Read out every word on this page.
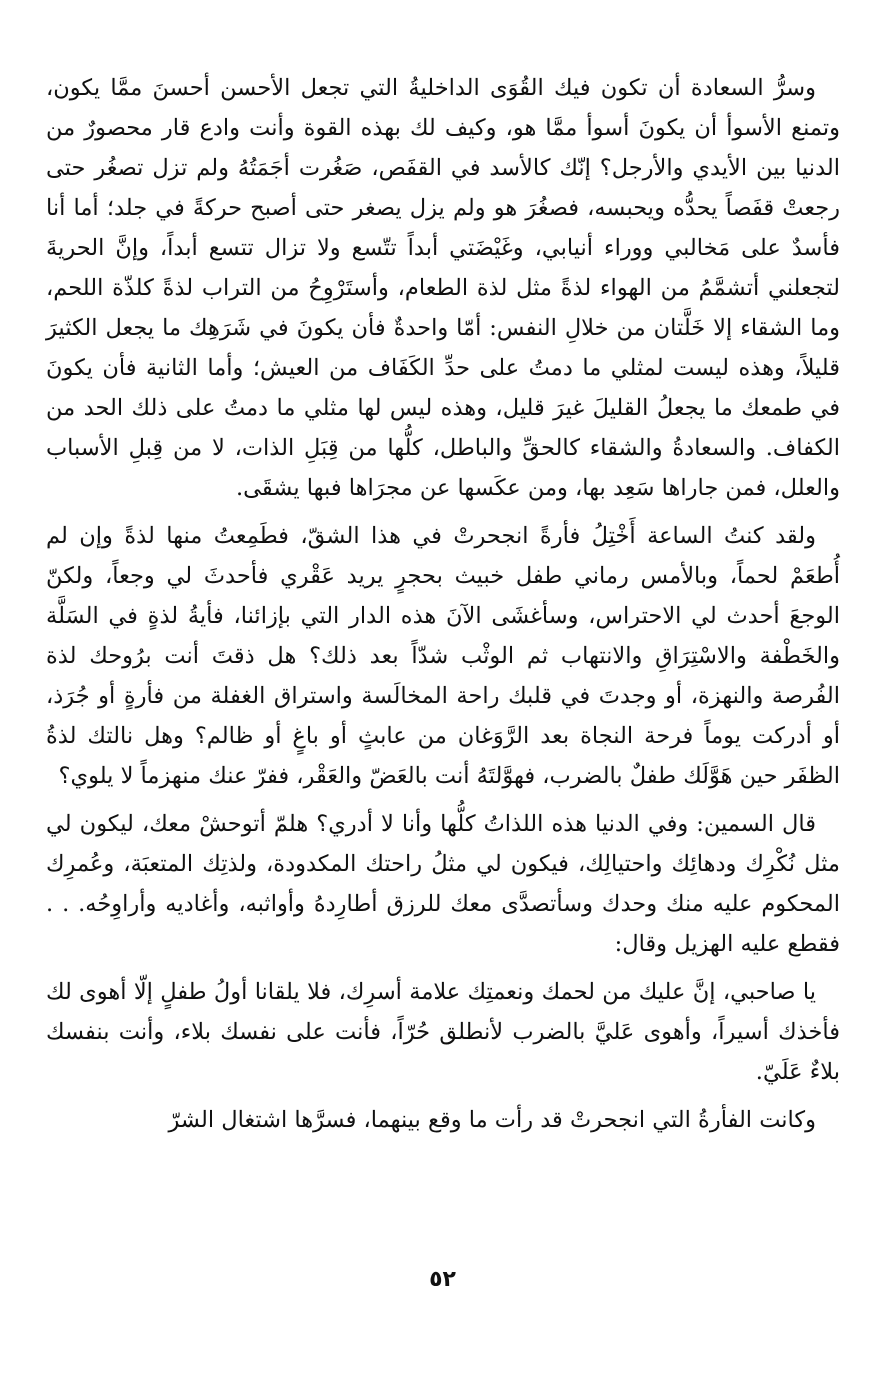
وسرُّ السعادة أن تكون فيك القُوَى الداخليةُ التي تجعل الأحسن أحسنَ ممَّا يكون، وتمنع الأسوأ أن يكونَ أسوأ ممَّا هو، وكيف لك بهذه القوة وأنت وادع قار محصورٌ من الدنيا بين الأيدي والأرجل؟ إنّك كالأسد في القفَص، صَغُرت أجَمَتُهُ ولم تزل تصغُر حتى رجعتْ قفَصاً يحدُّه ويحبسه، فصغُرَ هو ولم يزل يصغر حتى أصبح حركةً في جلد؛ أما أنا فأسدٌ على مَخالبي ووراء أنيابي، وغَيْضَتي أبداً تتّسع ولا تزال تتسع أبداً، وإنَّ الحريةَ لتجعلني أتشمَّمُ من الهواء لذةً مثل لذة الطعام، وأستَرْوِحُ من التراب لذةً كلذّة اللحم، وما الشقاء إلا خَلَّتان من خلالِ النفس: أمّا واحدةٌ فأن يكونَ في شَرَهِك ما يجعل الكثيرَ قليلاً، وهذه ليست لمثلي ما دمتُ على حدِّ الكَفَاف من العيش؛ وأما الثانية فأن يكونَ في طمعك ما يجعلُ القليلَ غيرَ قليل، وهذه ليس لها مثلي ما دمتُ على ذلك الحد من الكفاف. والسعادةُ والشقاء كالحقِّ والباطل، كلُّها من قِبَلِ الذات، لا من قِبلِ الأسباب والعلل، فمن جاراها سَعِد بها، ومن عكَسها عن مجرَاها فبها يشقَى.

ولقد كنتُ الساعة أَخْتِلُ فأرةً انجحرتْ في هذا الشقّ، فطَمِعتُ منها لذةً وإن لم أُطعَمْ لحماً، وبالأمس رماني طفل خبيث بحجرٍ يريد عَقْري فأحدثَ لي وجعاً، ولكنّ الوجعَ أحدث لي الاحتراس، وسأغشَى الآنَ هذه الدار التي بإزائنا، فأيةُ لذةٍ في السَلَّة والخَطْفة والاسْتِرَاقِ والانتهاب ثم الوثْب شدّاً بعد ذلك؟ هل ذقتَ أنت برُوحك لذة الفُرصة والنهزة، أو وجدتَ في قلبك راحة المخالَسة واستراق الغفلة من فأرةٍ أو جُرَذ، أو أدركت يوماً فرحة النجاة بعد الرَّوَغان من عابثٍ أو باغٍ أو ظالم؟ وهل نالتك لذةُ الظفَر حين هَوَّلَك طفلٌ بالضرب، فهوَّلتَهُ أنت بالعَضّ والعَقْر، ففرّ عنك منهزماً لا يلوي؟

قال السمين: وفي الدنيا هذه اللذاتُ كلُّها وأنا لا أدري؟ هلمّ أتوحشْ معك، ليكون لي مثل نُكْرِك ودهائِك واحتيالِك، فيكون لي مثلُ راحتك المكدودة، ولذتِك المتعبَة، وعُمرِك المحكوم عليه منك وحدك وسأتصدَّى معك للرزق أطارِدهُ وأواثبه، وأغاديه وأراوِحُه. . . فقطع عليه الهزيل وقال:

يا صاحبي، إنَّ عليك من لحمك ونعمتِك علامة أسرِك، فلا يلقانا أولُ طفلٍ إلّا أهوى لك فأخذك أسيراً، وأهوى عَليَّ بالضرب لأنطلق حُرّاً، فأنت على نفسك بلاء، وأنت بنفسك بلاءٌ عَلَيّ.

وكانت الفأرةُ التي انجحرتْ قد رأت ما وقع بينهما، فسرَّها اشتغال الشرّ

٥٢
